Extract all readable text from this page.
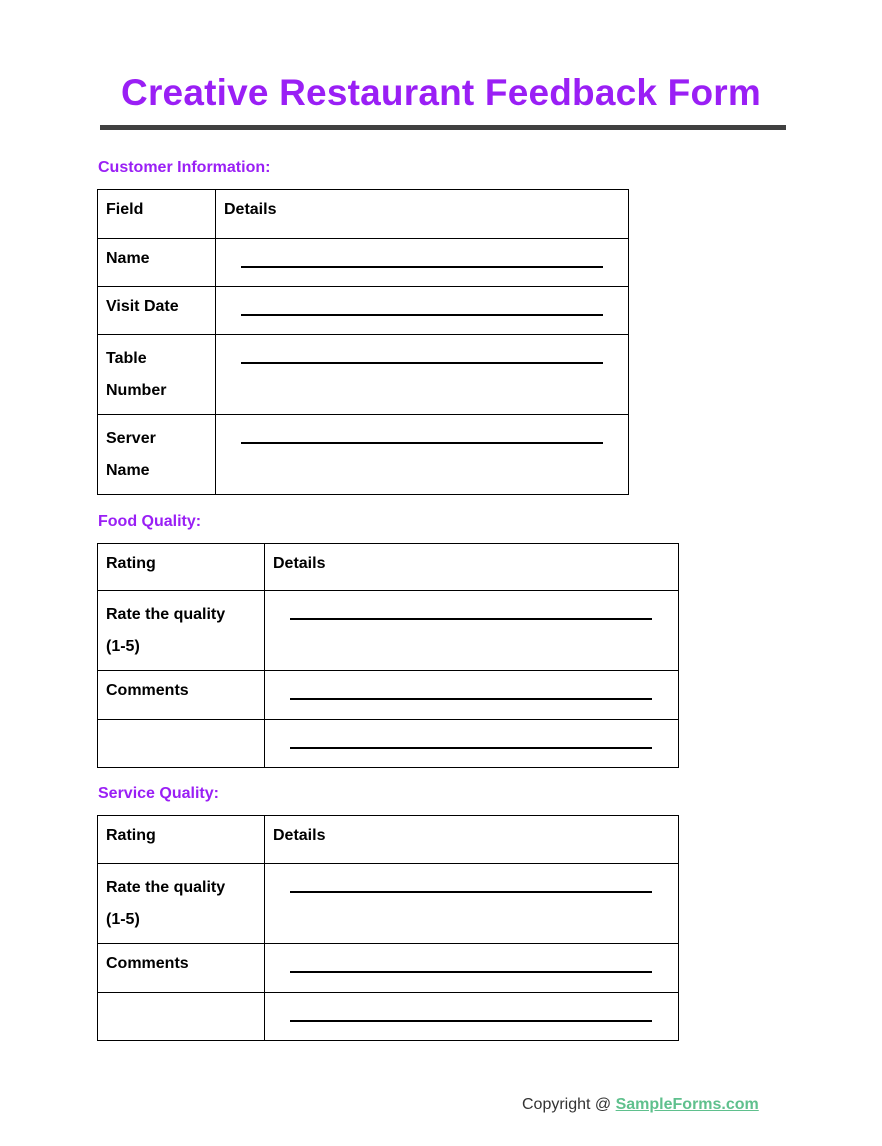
Creative Restaurant Feedback Form
Customer Information:
Field	Details

Name	

Visit Date	

Table Number	

Server Name	

Food Quality:
Rating	Details

Rate the quality (1-5)	

Comments	

Service Quality:
Rating	Details

Rate the quality (1-5)	

Comments	

Copyright @ SampleForms.com
